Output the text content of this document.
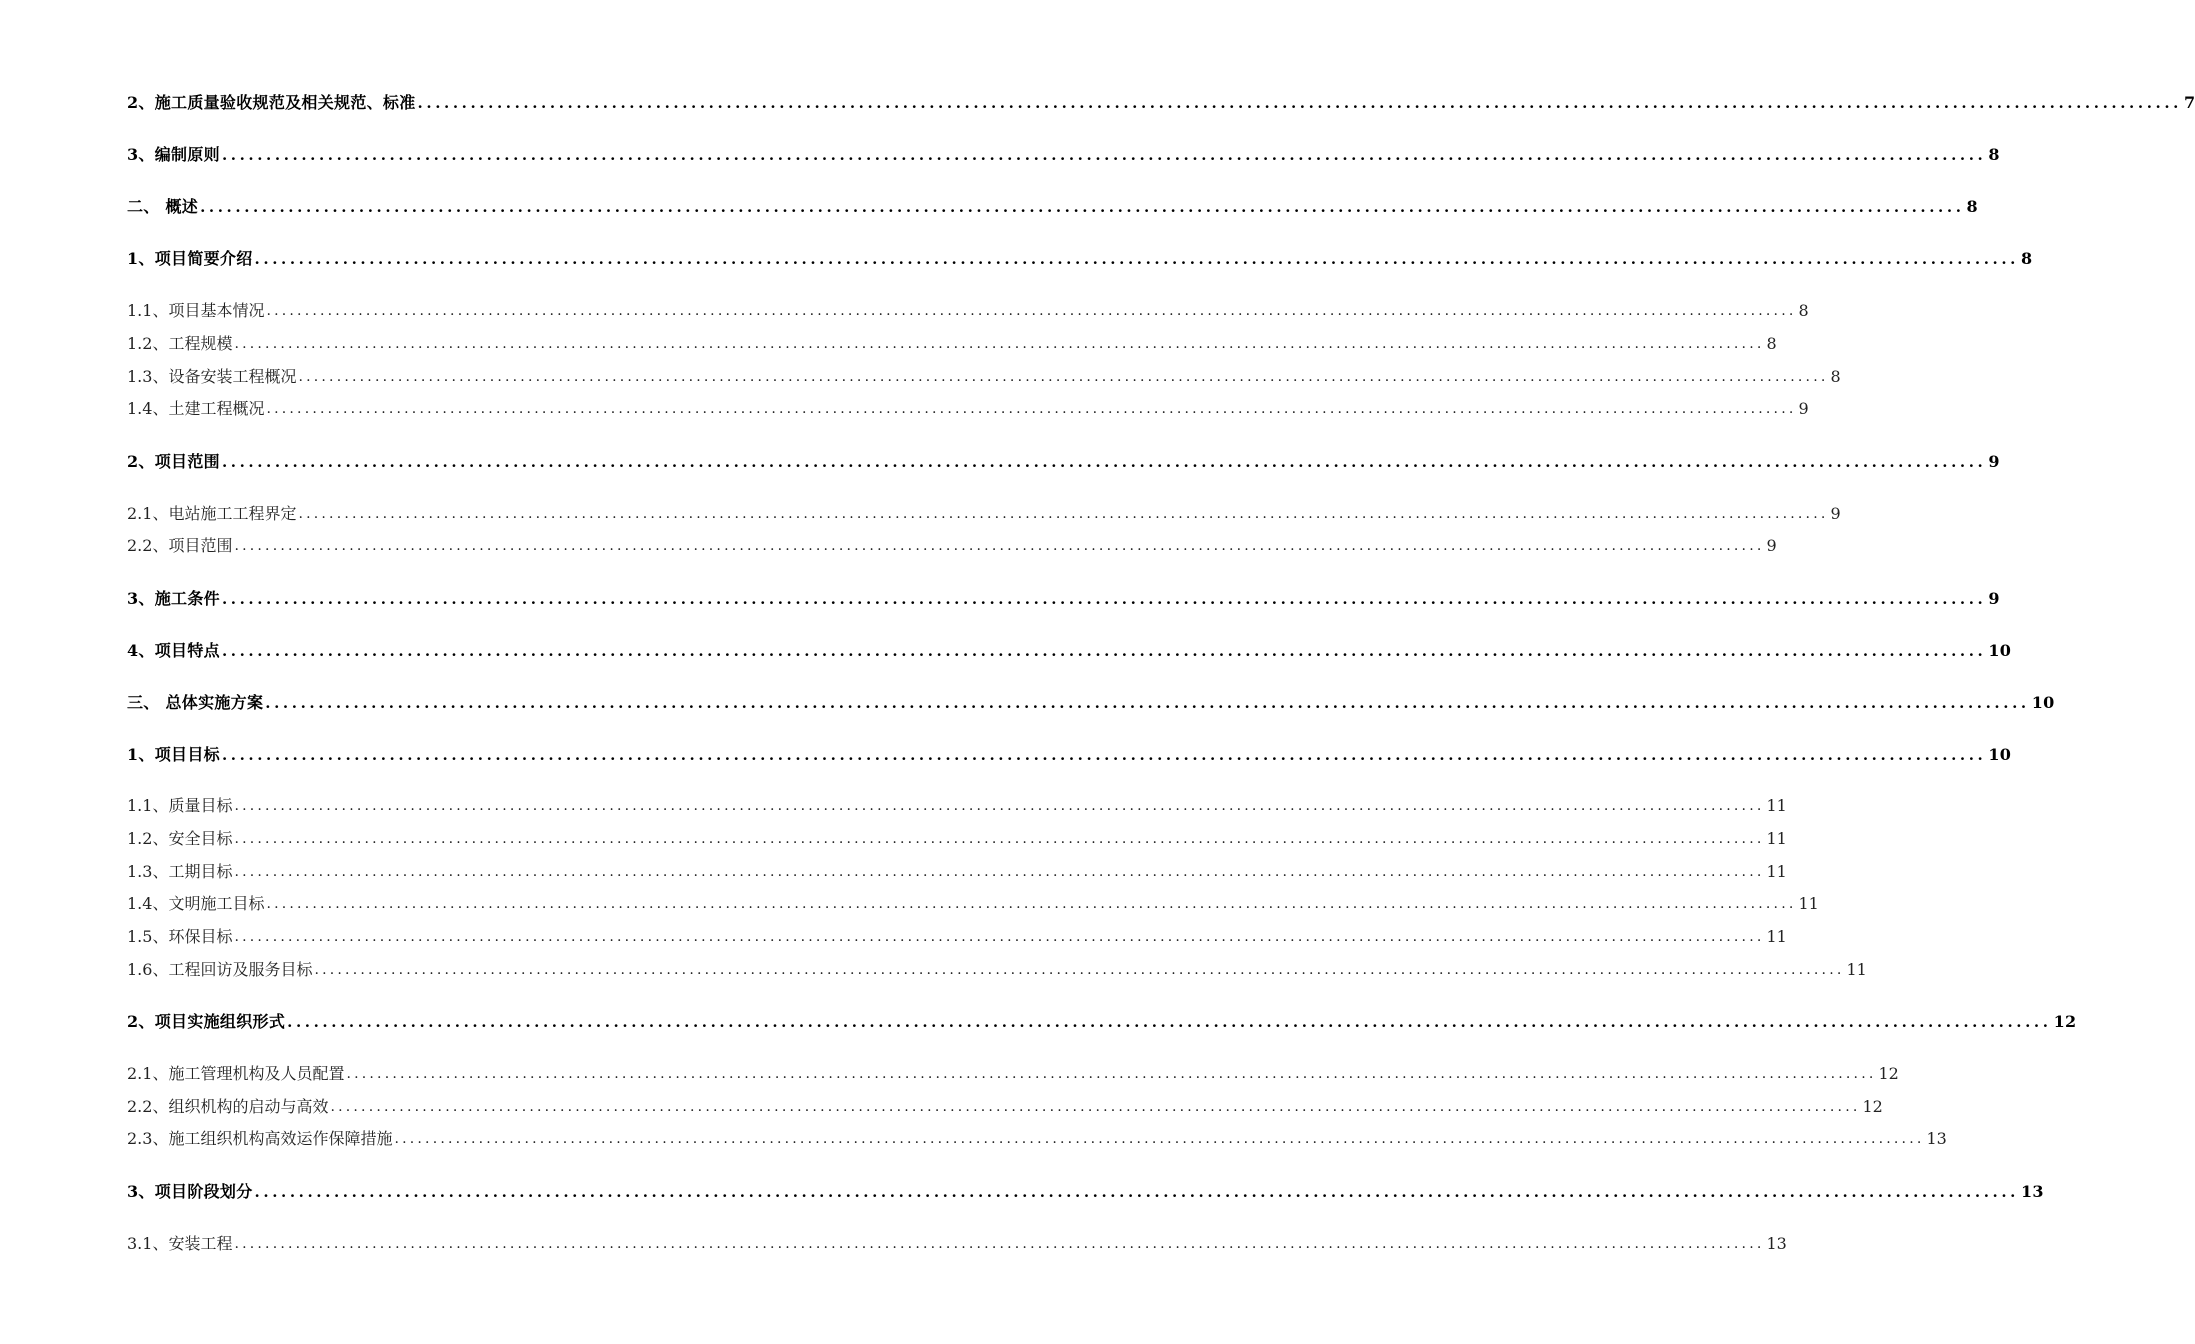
2、施工质量验收规范及相关规范、标准 ........................................................................................................................................................................................................ 7
3、编制原则 ........................................................................................................................................................................................................ 8
二、 概述 ........................................................................................................................................................................................................ 8
1、项目简要介绍 ........................................................................................................................................................................................................ 8
1.1、项目基本情况 ........................................................................................................................................................................................................ 8
1.2、工程规模 ........................................................................................................................................................................................................ 8
1.3、设备安装工程概况 ........................................................................................................................................................................................................ 8
1.4、土建工程概况 ........................................................................................................................................................................................................ 9
2、项目范围 ........................................................................................................................................................................................................ 9
2.1、电站施工工程界定 ........................................................................................................................................................................................................ 9
2.2、项目范围 ........................................................................................................................................................................................................ 9
3、施工条件 ........................................................................................................................................................................................................ 9
4、项目特点 ........................................................................................................................................................................................................ 10
三、 总体实施方案 ........................................................................................................................................................................................................ 10
1、项目目标 ........................................................................................................................................................................................................ 10
1.1、质量目标 ........................................................................................................................................................................................................ 11
1.2、安全目标 ........................................................................................................................................................................................................ 11
1.3、工期目标 ........................................................................................................................................................................................................ 11
1.4、文明施工目标 ........................................................................................................................................................................................................ 11
1.5、环保目标 ........................................................................................................................................................................................................ 11
1.6、工程回访及服务目标 ........................................................................................................................................................................................................ 11
2、项目实施组织形式 ........................................................................................................................................................................................................ 12
2.1、施工管理机构及人员配置 ........................................................................................................................................................................................................ 12
2.2、组织机构的启动与高效 ........................................................................................................................................................................................................ 12
2.3、施工组织机构高效运作保障措施 ........................................................................................................................................................................................................ 13
3、项目阶段划分 ........................................................................................................................................................................................................ 13
3.1、安装工程 ........................................................................................................................................................................................................ 13
